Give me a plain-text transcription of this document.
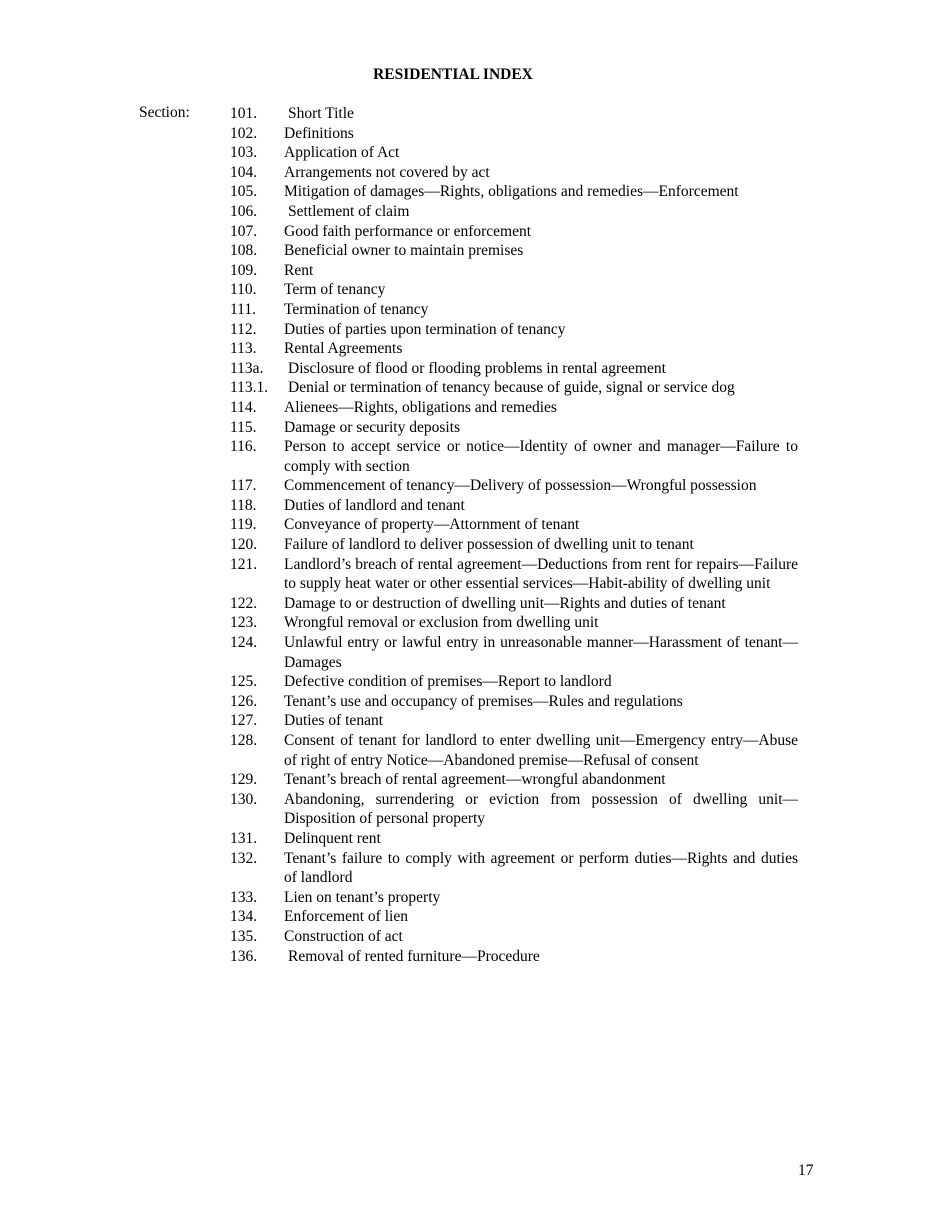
RESIDENTIAL INDEX
Section:	101.	Short Title
102.	Definitions
103.	Application of Act
104.	Arrangements not covered by act
105.	Mitigation of damages—Rights, obligations and remedies—Enforcement
106.	Settlement of claim
107.	Good faith performance or enforcement
108.	Beneficial owner to maintain premises
109.	Rent
110.	Term of tenancy
111.	Termination of tenancy
112.	Duties of parties upon termination of tenancy
113.	Rental Agreements
113a.	Disclosure of flood or flooding problems in rental agreement
113.1.	Denial or termination of tenancy because of guide, signal or service dog
114.	Alienees—Rights, obligations and remedies
115.	Damage or security deposits
116.	Person to accept service or notice—Identity of owner and manager—Failure to comply with section
117.	Commencement of tenancy—Delivery of possession—Wrongful possession
118.	Duties of landlord and tenant
119.	Conveyance of property—Attornment of tenant
120.	Failure of landlord to deliver possession of dwelling unit to tenant
121.	Landlord’s breach of rental agreement—Deductions from rent for repairs—Failure to supply heat water or other essential services—Habit-ability of dwelling unit
122.	Damage to or destruction of dwelling unit—Rights and duties of tenant
123.	Wrongful removal or exclusion from dwelling unit
124.	Unlawful entry or lawful entry in unreasonable manner—Harassment of tenant—Damages
125.	Defective condition of premises—Report to landlord
126.	Tenant’s use and occupancy of premises—Rules and regulations
127.	Duties of tenant
128.	Consent of tenant for landlord to enter dwelling unit—Emergency entry—Abuse of right of entry Notice—Abandoned premise—Refusal of consent
129.	Tenant’s breach of rental agreement—wrongful abandonment
130.	Abandoning, surrendering or eviction from possession of dwelling unit—Disposition of personal property
131.	Delinquent rent
132.	Tenant’s failure to comply with agreement or perform duties—Rights and duties of landlord
133.	Lien on tenant’s property
134.	Enforcement of lien
135.	Construction of act
136.	Removal of rented furniture—Procedure
17
